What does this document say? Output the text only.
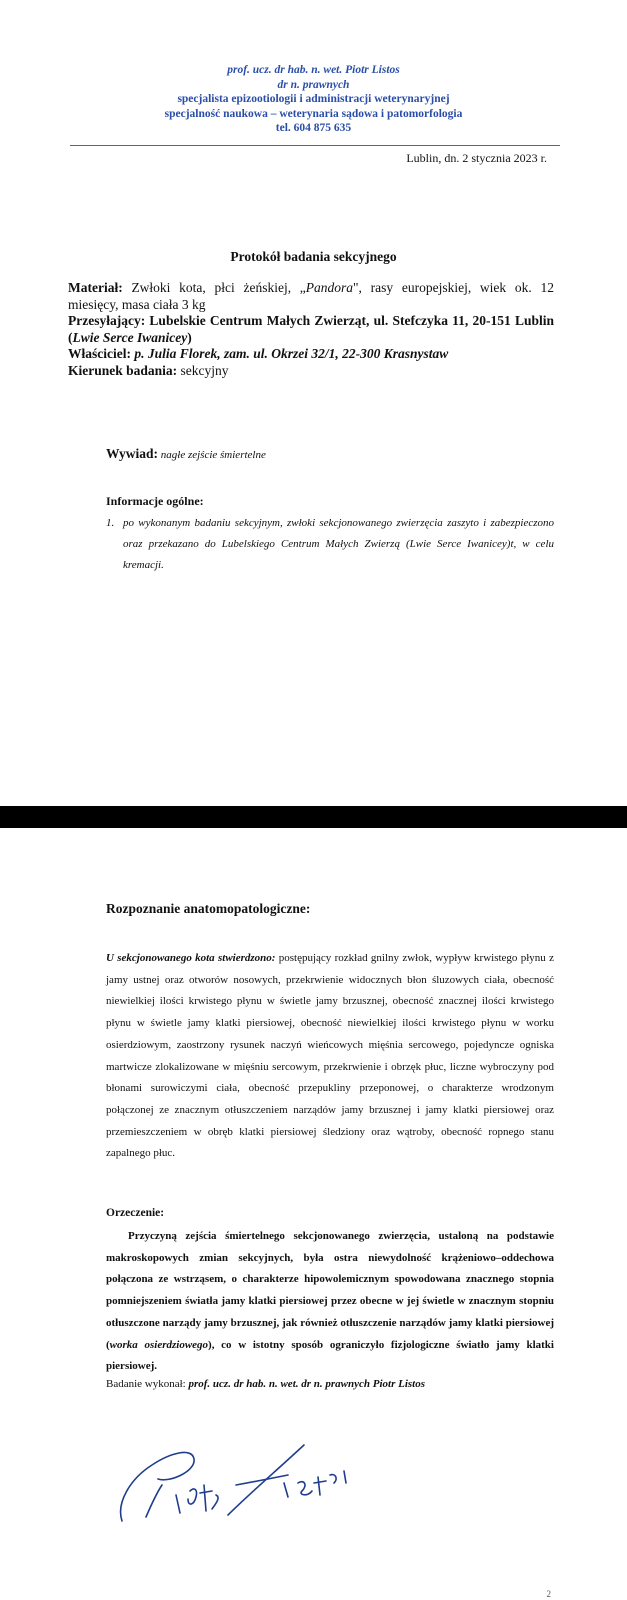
prof. ucz. dr hab. n. wet. Piotr Listos
dr n. prawnych
specjalista epizootiologii i administracji weterynaryjnej
specjalność naukowa – weterynaria sądowa i patomorfologia
tel. 604 875 635
Lublin, dn. 2 stycznia 2023 r.
Protokół badania sekcyjnego
Materiał: Zwłoki kota, płci żeńskiej, „Pandora", rasy europejskiej, wiek ok. 12 miesięcy, masa ciała 3 kg
Przesyłający: Lubelskie Centrum Małych Zwierząt, ul. Stefczyka 11, 20-151 Lublin (Lwie Serce Iwanicey)
Właściciel: p. Julia Florek, zam. ul. Okrzei 32/1, 22-300 Krasnystaw
Kierunek badania: sekcyjny
Wywiad: nagłe zejście śmiertelne
Informacje ogólne:
1. po wykonanym badaniu sekcyjnym, zwłoki sekcjonowanego zwierzęcia zaszyto i zabezpieczono oraz przekazano do Lubelskiego Centrum Małych Zwierzą (Lwie Serce Iwanicey)t, w celu kremacji.
Rozpoznanie anatomopatologiczne:
U sekcjonowanego kota stwierdzono: postępujący rozkład gnilny zwłok, wypływ krwistego płynu z jamy ustnej oraz otworów nosowych, przekrwienie widocznych błon śluzowych ciała, obecność niewielkiej ilości krwistego płynu w świetle jamy brzusznej, obecność znacznej ilości krwistego płynu w świetle jamy klatki piersiowej, obecność niewielkiej ilości krwistego płynu w worku osierdziowym, zaostrzony rysunek naczyń wieńcowych mięśnia sercowego, pojedyncze ogniska martwicze zlokalizowane w mięśniu sercowym, przekrwienie i obrzęk płuc, liczne wybroczyny pod błonami surowiczymi ciała, obecność przepukliny przeponowej, o charakterze wrodzonym połączonej ze znacznym otłuszczeniem narządów jamy brzusznej i jamy klatki piersiowej oraz przemieszczeniem w obręb klatki piersiowej śledziony oraz wątroby, obecność ropnego stanu zapalnego płuc.
Orzeczenie:
Przyczyną zejścia śmiertelnego sekcjonowanego zwierzęcia, ustaloną na podstawie makroskopowych zmian sekcyjnych, była ostra niewydolność krążeniowo–oddechowa połączona ze wstrząsem, o charakterze hipowolemicznym spowodowana znacznego stopnia pomniejszeniem światła jamy klatki piersiowej przez obecne w jej świetle w znacznym stopniu otłuszczone narządy jamy brzusznej, jak również otłuszczenie narządów jamy klatki piersiowej (worka osierdziowego), co w istotny sposób ograniczyło fizjologiczne światło jamy klatki piersiowej.
Badanie wykonał: prof. ucz. dr hab. n. wet. dr n. prawnych Piotr Listos
2
